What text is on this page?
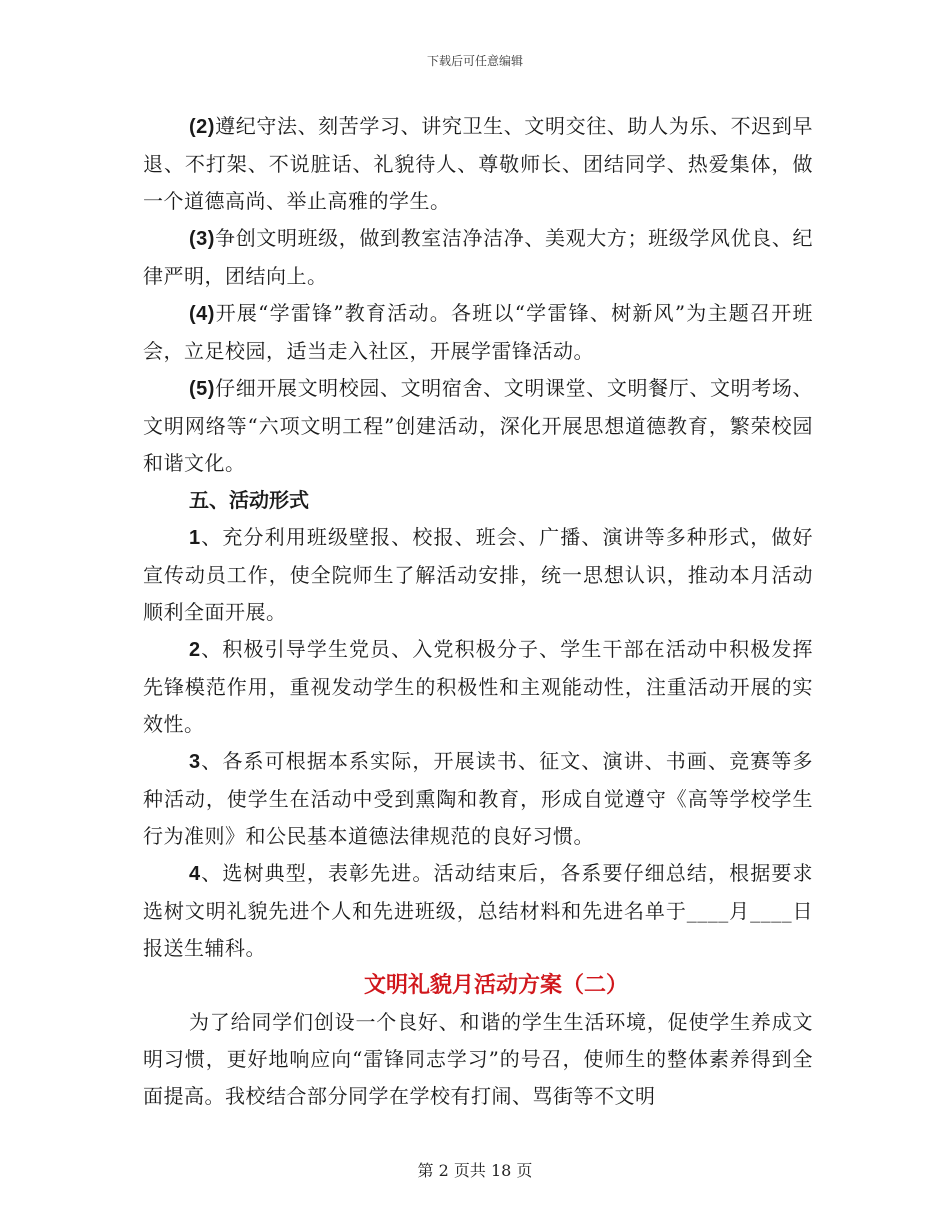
下载后可任意编辑
(2)遵纪守法、刻苦学习、讲究卫生、文明交往、助人为乐、不迟到早退、不打架、不说脏话、礼貌待人、尊敬师长、团结同学、热爱集体，做一个道德高尚、举止高雅的学生。
(3)争创文明班级，做到教室洁净洁净、美观大方；班级学风优良、纪律严明，团结向上。
(4)开展“学雷锋”教育活动。各班以“学雷锋、树新风”为主题召开班会，立足校园，适当走入社区，开展学雷锋活动。
(5)仔细开展文明校园、文明宿舍、文明课堂、文明餐厅、文明考场、文明网络等“六项文明工程”创建活动，深化开展思想道德教育，繁荣校园和谐文化。
五、活动形式
1、充分利用班级壁报、校报、班会、广播、演讲等多种形式，做好宣传动员工作，使全院师生了解活动安排，统一思想认识，推动本月活动顺利全面开展。
2、积极引导学生党员、入党积极分子、学生干部在活动中积极发挥先锋模范作用，重视发动学生的积极性和主观能动性，注重活动开展的实效性。
3、各系可根据本系实际，开展读书、征文、演讲、书画、竞赛等多种活动，使学生在活动中受到熏陶和教育，形成自觉遵守《高等学校学生行为准则》和公民基本道德法律规范的良好习惯。
4、选树典型，表彰先进。活动结束后，各系要仔细总结，根据要求选树文明礼貌先进个人和先进班级，总结材料和先进名单于____月____日报送生辅科。
文明礼貌月活动方案（二）
为了给同学们创设一个良好、和谐的学生生活环境，促使学生养成文明习惯，更好地响应向“雷锋同志学习”的号召，使师生的整体素养得到全面提高。我校结合部分同学在学校有打闹、骂街等不文明
第 2 页共 18 页
